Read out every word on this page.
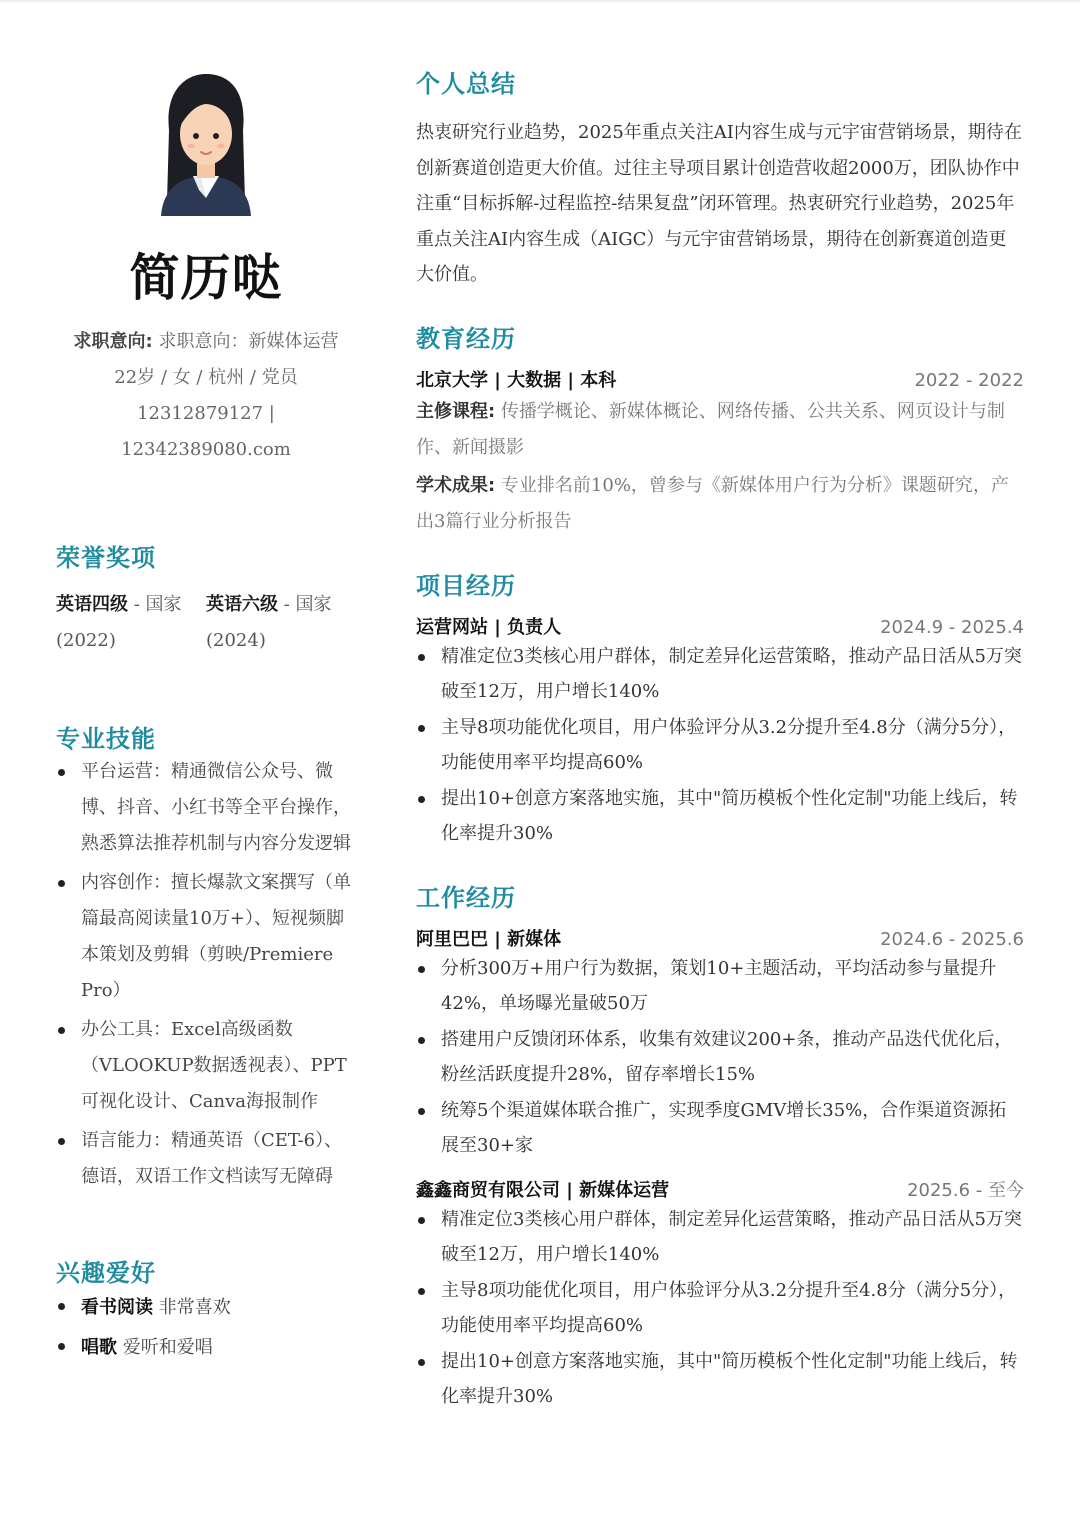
简历哒
求职意向: 求职意向：新媒体运营
22岁 / 女 / 杭州 / 党员
12312879127 | 12342389080.com
荣誉奖项
英语四级 - 国家
(2022)
英语六级 - 国家
(2024)
专业技能
平台运营：精通微信公众号、微博、抖音、小红书等全平台操作，熟悉算法推荐机制与内容分发逻辑
内容创作：擅长爆款文案撰写（单篇最高阅读量10万+）、短视频脚本策划及剪辑（剪映/Premiere Pro）
办公工具：Excel高级函数（VLOOKUP数据透视表）、PPT可视化设计、Canva海报制作
语言能力：精通英语（CET-6）、德语，双语工作文档读写无障碍
兴趣爱好
看书阅读 非常喜欢
唱歌 爱听和爱唱
个人总结
热衷研究行业趋势，2025年重点关注AI内容生成与元宇宙营销场景，期待在创新赛道创造更大价值。过往主导项目累计创造营收超2000万，团队协作中注重“目标拆解-过程监控-结果复盘”闭环管理。热衷研究行业趋势，2025年重点关注AI内容生成（AIGC）与元宇宙营销场景，期待在创新赛道创造更大价值。
教育经历
北京大学 | 大数据 | 本科	2022 - 2022
主修课程: 传播学概论、新媒体概论、网络传播、公共关系、网页设计与制作、新闻摄影
学术成果: 专业排名前10%，曾参与《新媒体用户行为分析》课题研究，产出3篇行业分析报告
项目经历
运营网站 | 负责人	2024.9 - 2025.4
精准定位3类核心用户群体，制定差异化运营策略，推动产品日活从5万突破至12万，用户增长140%
主导8项功能优化项目，用户体验评分从3.2分提升至4.8分（满分5分），功能使用率平均提高60%
提出10+创意方案落地实施，其中"简历模板个性化定制"功能上线后，转化率提升30%
工作经历
阿里巴巴 | 新媒体	2024.6 - 2025.6
分析300万+用户行为数据，策划10+主题活动，平均活动参与量提升42%，单场曝光量破50万
搭建用户反馈闭环体系，收集有效建议200+条，推动产品迭代优化后，粉丝活跃度提升28%，留存率增长15%
统筹5个渠道媒体联合推广，实现季度GMV增长35%，合作渠道资源拓展至30+家
鑫鑫商贸有限公司 | 新媒体运营	2025.6 - 至今
精准定位3类核心用户群体，制定差异化运营策略，推动产品日活从5万突破至12万，用户增长140%
主导8项功能优化项目，用户体验评分从3.2分提升至4.8分（满分5分），功能使用率平均提高60%
提出10+创意方案落地实施，其中"简历模板个性化定制"功能上线后，转化率提升30%
